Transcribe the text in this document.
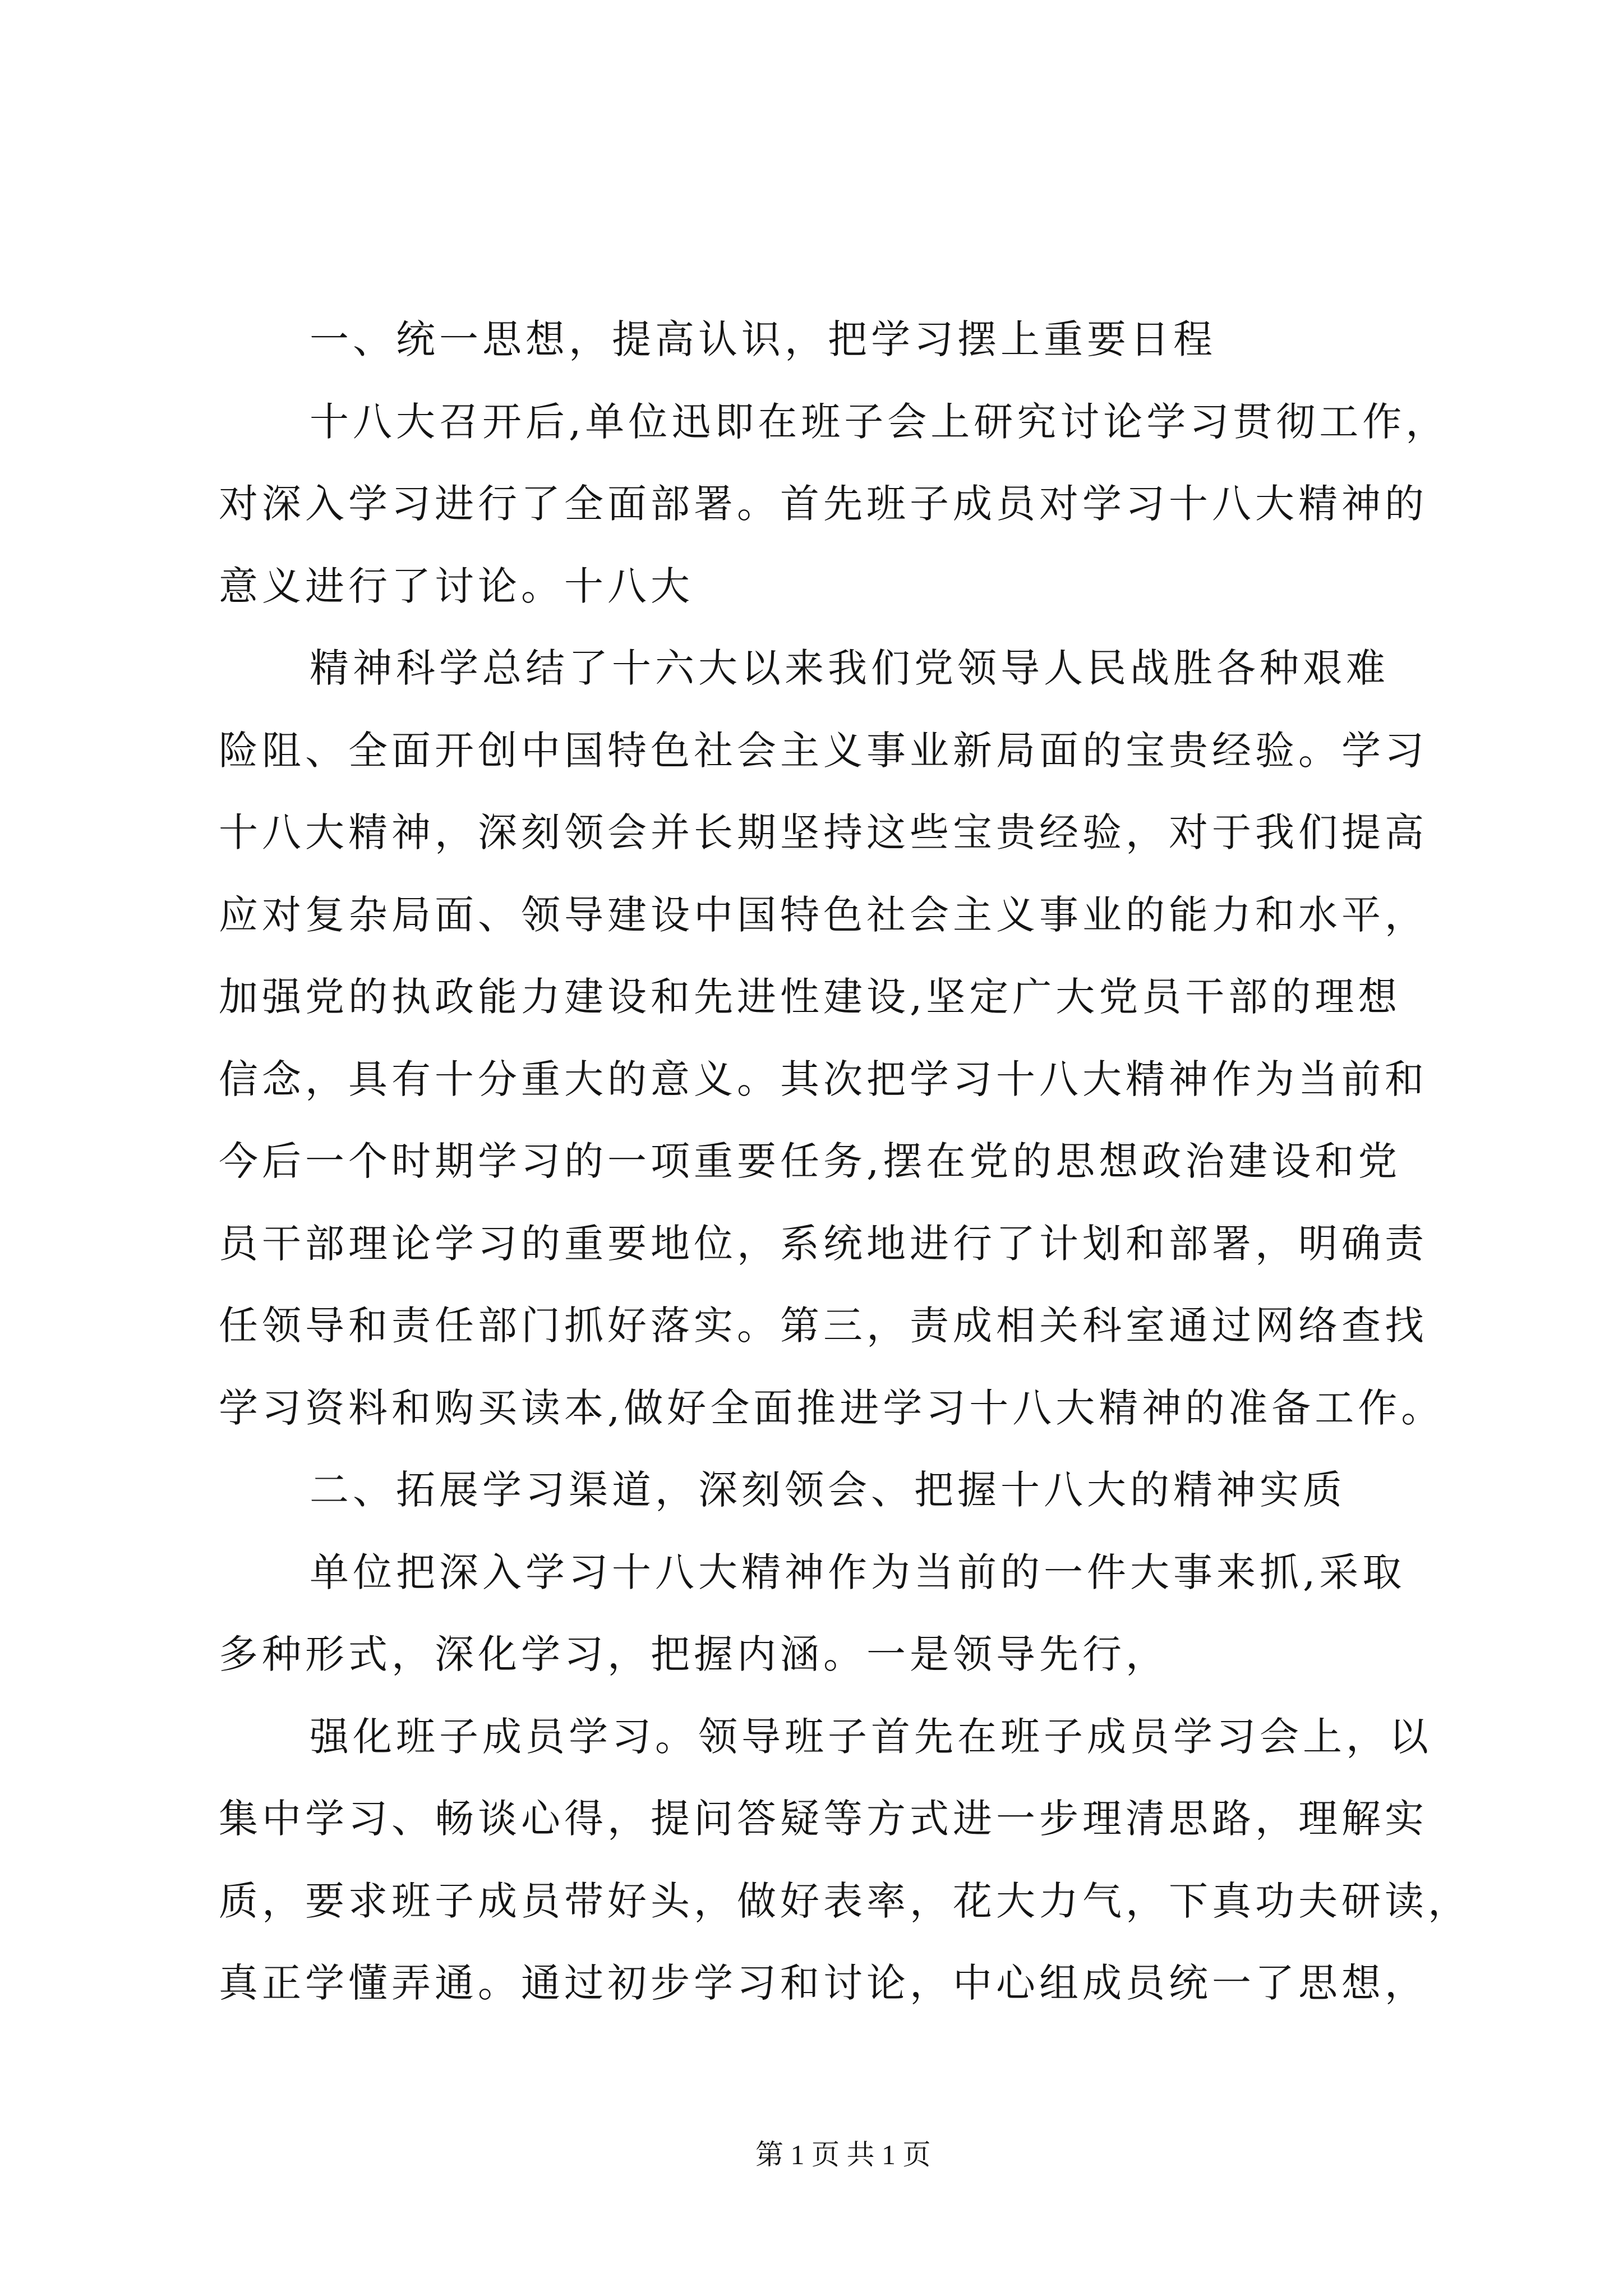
一、统一思想，提高认识，把学习摆上重要日程
十八大召开后,单位迅即在班子会上研究讨论学习贯彻工作，
对深入学习进行了全面部署。首先班子成员对学习十八大精神的
意义进行了讨论。十八大
精神科学总结了十六大以来我们党领导人民战胜各种艰难
险阻、全面开创中国特色社会主义事业新局面的宝贵经验。学习
十八大精神，深刻领会并长期坚持这些宝贵经验，对于我们提高
应对复杂局面、领导建设中国特色社会主义事业的能力和水平，
加强党的执政能力建设和先进性建设,坚定广大党员干部的理想
信念，具有十分重大的意义。其次把学习十八大精神作为当前和
今后一个时期学习的一项重要任务,摆在党的思想政治建设和党
员干部理论学习的重要地位，系统地进行了计划和部署，明确责
任领导和责任部门抓好落实。第三，责成相关科室通过网络查找
学习资料和购买读本,做好全面推进学习十八大精神的准备工作。
二、拓展学习渠道，深刻领会、把握十八大的精神实质
单位把深入学习十八大精神作为当前的一件大事来抓,采取
多种形式，深化学习，把握内涵。一是领导先行，
强化班子成员学习。领导班子首先在班子成员学习会上，以
集中学习、畅谈心得，提问答疑等方式进一步理清思路，理解实
质，要求班子成员带好头，做好表率，花大力气，下真功夫研读，
真正学懂弄通。通过初步学习和讨论，中心组成员统一了思想，
第 1 页 共 1 页
